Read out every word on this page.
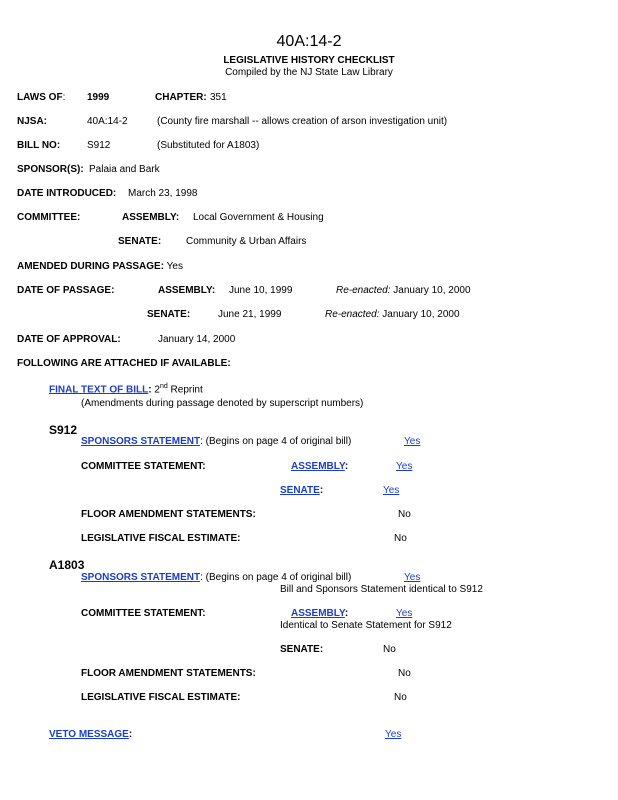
40A:14-2
LEGISLATIVE HISTORY CHECKLIST
Compiled by the NJ State Law Library
LAWS OF: 1999	CHAPTER: 351
NJSA:	40A:14-2	(County fire marshall -- allows creation of arson investigation unit)
BILL NO:	S912	(Substituted for A1803)
SPONSOR(S): Palaia and Bark
DATE INTRODUCED: March 23, 1998
COMMITTEE:	ASSEMBLY: Local Government & Housing
SENATE: Community & Urban Affairs
AMENDED DURING PASSAGE: Yes
DATE OF PASSAGE:	ASSEMBLY: June 10, 1999	Re-enacted: January 10, 2000
SENATE:	June 21, 1999	Re-enacted: January 10, 2000
DATE OF APPROVAL:	January 14, 2000
FOLLOWING ARE ATTACHED IF AVAILABLE:
FINAL TEXT OF BILL: 2nd Reprint
(Amendments during passage denoted by superscript numbers)
S912
SPONSORS STATEMENT: (Begins on page 4 of original bill)	Yes
COMMITTEE STATEMENT:	ASSEMBLY:	Yes
SENATE:	Yes
FLOOR AMENDMENT STATEMENTS:	No
LEGISLATIVE FISCAL ESTIMATE:	No
A1803
SPONSORS STATEMENT: (Begins on page 4 of original bill)	Yes
Bill and Sponsors Statement identical to S912
COMMITTEE STATEMENT:	ASSEMBLY:	Yes
Identical to Senate Statement for S912
SENATE:	No
FLOOR AMENDMENT STATEMENTS:	No
LEGISLATIVE FISCAL ESTIMATE:	No
VETO MESSAGE:	Yes
